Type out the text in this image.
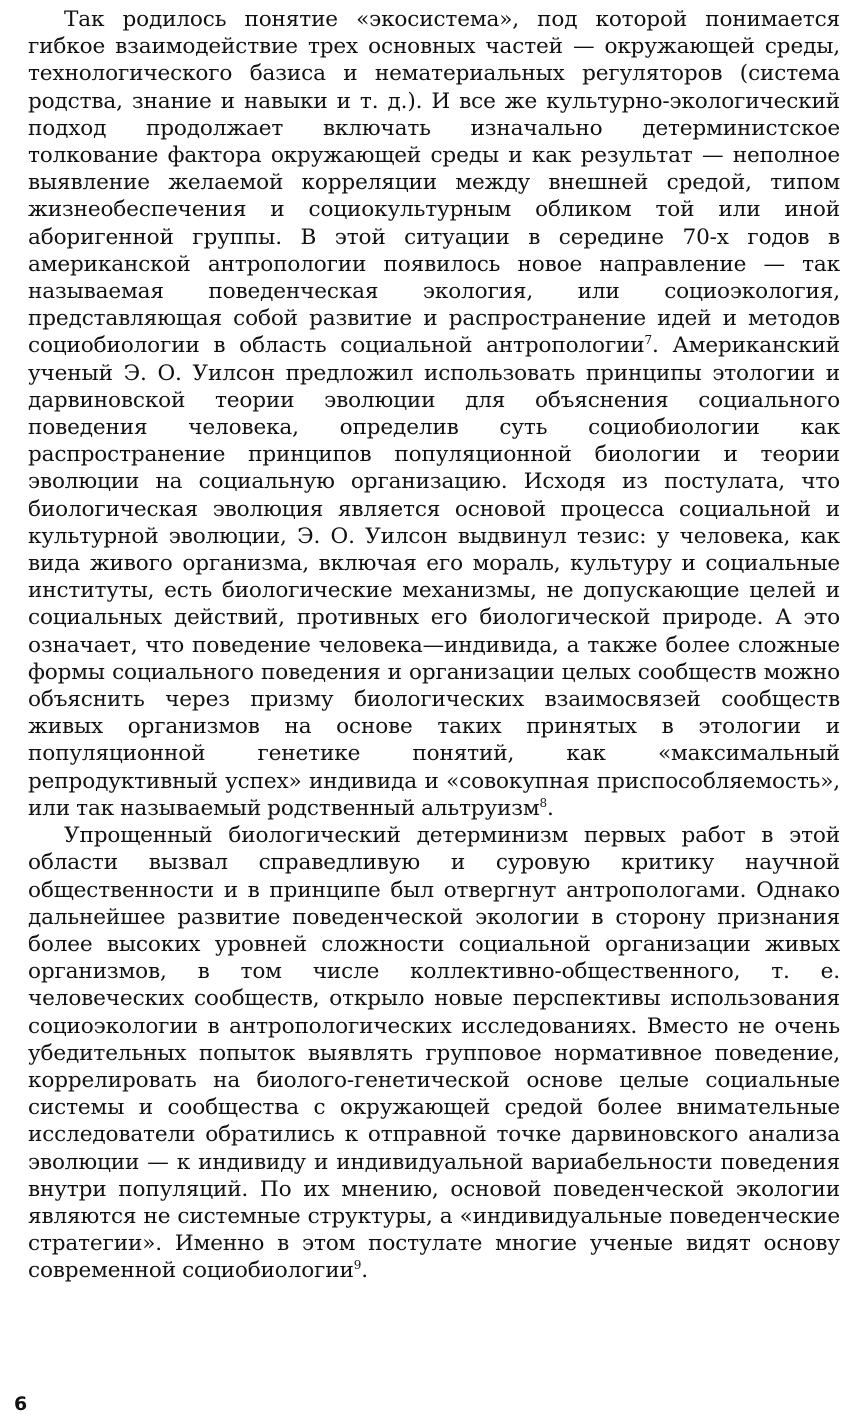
Так родилось понятие «экосистема», под которой понимается гибкое взаимодействие трех основных частей — окружающей среды, технологического базиса и нематериальных регуляторов (система родства, знание и навыки и т. д.). И все же культурно-экологический подход продолжает включать изначально детерминистское толкование фактора окружающей среды и как результат — неполное выявление желаемой корреляции между внешней средой, типом жизнеобеспечения и социокультурным обликом той или иной аборигенной группы. В этой ситуации в середине 70-х годов в американской антропологии появилось новое направление — так называемая поведенческая экология, или социоэкология, представляющая собой развитие и распространение идей и методов социобиологии в область социальной антропологии$^7$. Американский ученый Э. О. Уилсон предложил использовать принципы этологии и дарвиновской теории эволюции для объяснения социального поведения человека, определив суть социобиологии как распространение принципов популяционной биологии и теории эволюции на социальную организацию. Исходя из постулата, что биологическая эволюция является основой процесса социальной и культурной эволюции, Э. О. Уилсон выдвинул тезис: у человека, как вида живого организма, включая его мораль, культуру и социальные институты, есть биологические механизмы, не допускающие целей и социальных действий, противных его биологической природе. А это означает, что поведение человека—индивида, а также более сложные формы социального поведения и организации целых сообществ можно объяснить через призму биологических взаимосвязей сообществ живых организмов на основе таких принятых в этологии и популяционной генетике понятий, как «максимальный репродуктивный успех» индивида и «совокупная приспособляемость», или так называемый родственный альтруизм$^8$.

Упрощенный биологический детерминизм первых работ в этой области вызвал справедливую и суровую критику научной общественности и в принципе был отвергнут антропологами. Однако дальнейшее развитие поведенческой экологии в сторону признания более высоких уровней сложности социальной организации живых организмов, в том числе коллективно-общественного, т. е. человеческих сообществ, открыло новые перспективы использования социоэкологии в антропологических исследованиях. Вместо не очень убедительных попыток выявлять групповое нормативное поведение, коррелировать на биолого-генетической основе целые социальные системы и сообщества с окружающей средой более внимательные исследователи обратились к отправной точке дарвиновского анализа эволюции — к индивиду и индивидуальной вариабельности поведения внутри популяций. По их мнению, основой поведенческой экологии являются не системные структуры, а «индивидуальные поведенческие стратегии». Именно в этом постулате многие ученые видят основу современной социобиологии$^9$.

6
